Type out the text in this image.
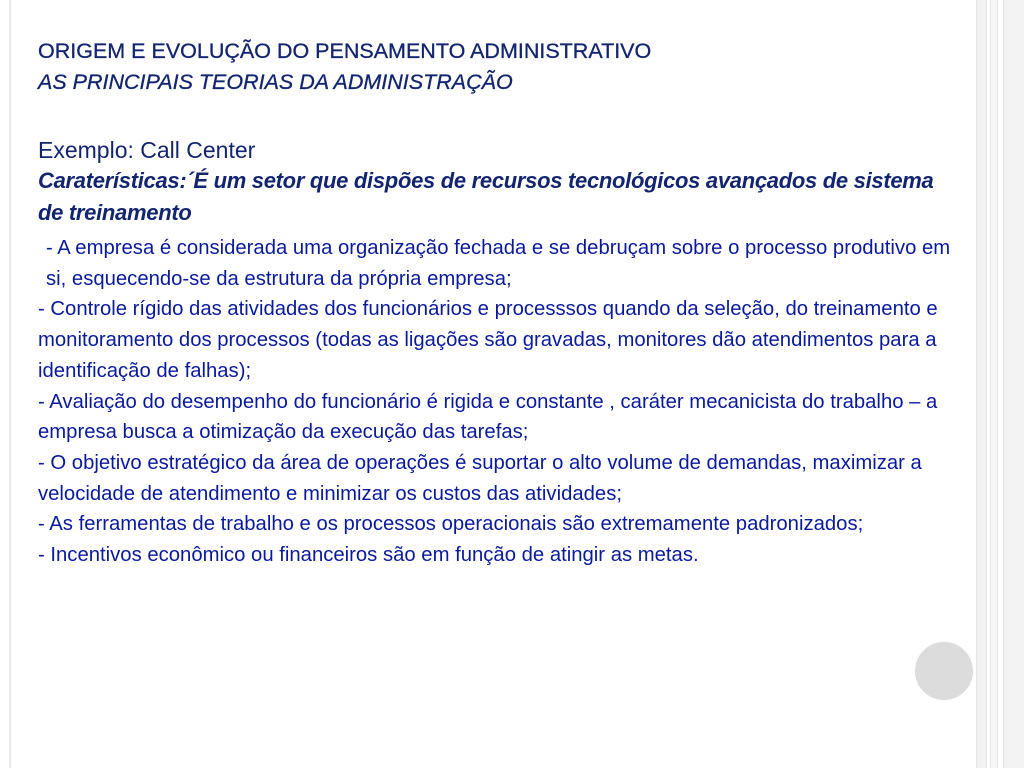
ORIGEM E EVOLUÇÃO DO PENSAMENTO ADMINISTRATIVO
AS PRINCIPAIS TEORIAS DA ADMINISTRAÇÃO
Exemplo: Call Center
Caraterísticas:´É um setor que dispões de recursos tecnológicos avançados de sistema de treinamento

- A empresa é considerada uma organização fechada e se debruçam sobre o processo produtivo em si, esquecendo-se da estrutura da própria empresa;

- Controle rígido das atividades dos funcionários e processsos quando da seleção, do treinamento e monitoramento dos processos (todas as ligações são gravadas, monitores dão atendimentos para a identificação de falhas);

- Avaliação do desempenho do funcionário é rigida e constante , caráter mecanicista do trabalho – a empresa busca a otimização da execução das tarefas;

- O objetivo estratégico da área de operações é suportar o alto volume de demandas, maximizar a velocidade de atendimento e minimizar os custos das atividades;

- As ferramentas de trabalho e os processos operacionais são extremamente padronizados;

- Incentivos econômico ou financeiros são em função de atingir as metas.
